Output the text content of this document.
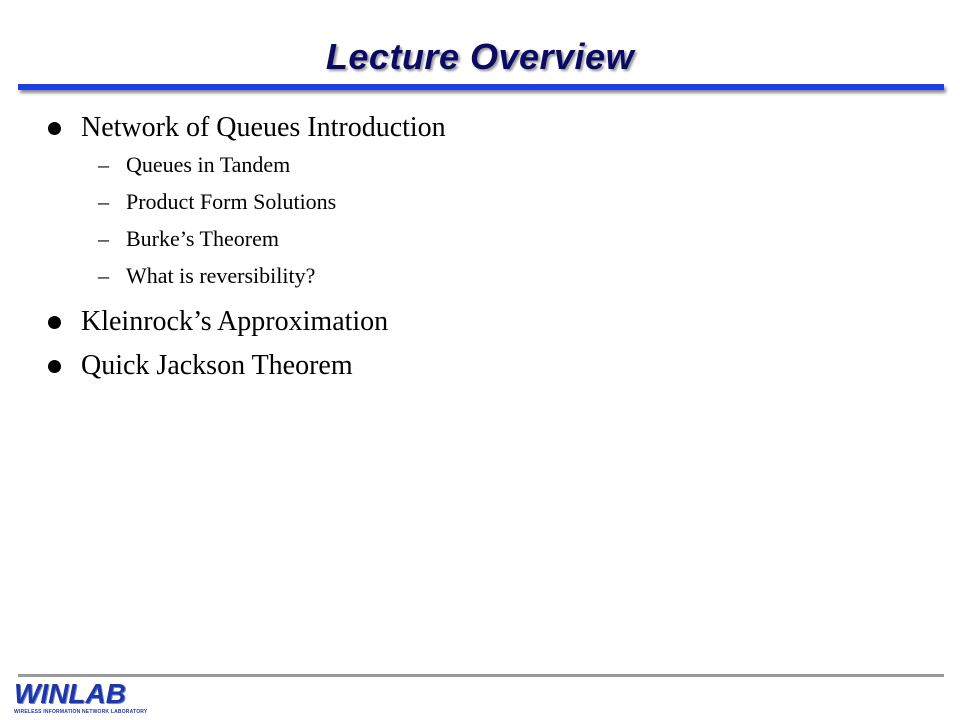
Lecture Overview
Network of Queues Introduction
– Queues in Tandem
– Product Form Solutions
– Burke’s Theorem
– What is reversibility?
Kleinrock’s Approximation
Quick Jackson Theorem
WINLAB
WIRELESS INFORMATION NETWORK LABORATORY
